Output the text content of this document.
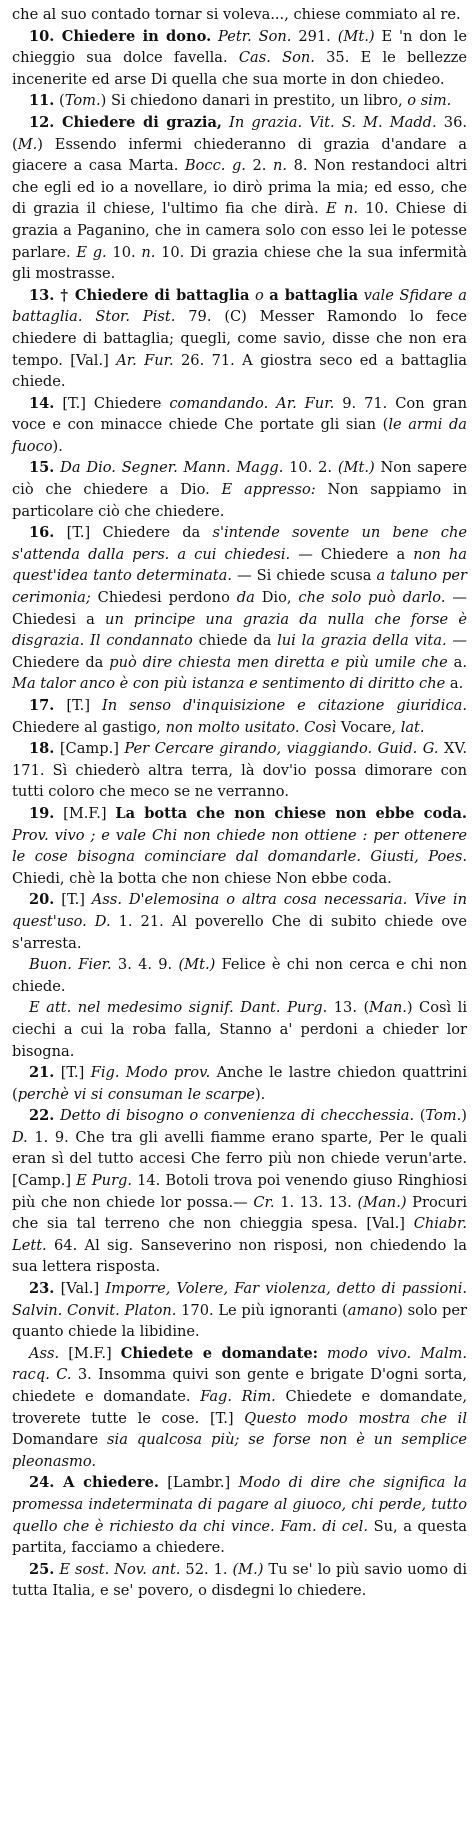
che al suo contado tornar si voleva..., chiese commiato al re.

10. Chiedere in dono. Petr. Son. 291. (Mt.) E 'n don le chieggio sua dolce favella. Cas. Son. 35. E le bellezze incenerite ed arse Di quella che sua morte in don chiedeo.

11. (Tom.) Si chiedono danari in prestito, un libro, o sim.

12. Chiedere di grazia, In grazia. Vit. S. M. Madd. 36. (M.) Essendo infermi chiederanno di grazia d'andare a giacere a casa Marta. Bocc. g. 2. n. 8. Non restandoci altri che egli ed io a novellare, io dirò prima la mia; ed esso, che di grazia il chiese, l'ultimo fia che dirà. E n. 10. Chiese di grazia a Paganino, che in camera solo con esso lei le potesse parlare. E g. 10. n. 10. Di grazia chiese che la sua infermità gli mostrasse.

13. † Chiedere di battaglia o a battaglia vale Sfidare a battaglia. Stor. Pist. 79. (C) Messer Ramondo lo fece chiedere di battaglia; quegli, come savio, disse che non era tempo. [Val.] Ar. Fur. 26. 71. A giostra seco ed a battaglia chiede.

14. [T.] Chiedere comandando. Ar. Fur. 9. 71. Con gran voce e con minacce chiede Che portate gli sian (le armi da fuoco).

15. Da Dio. Segner. Mann. Magg. 10. 2. (Mt.) Non sapere ciò che chiedere a Dio. E appresso: Non sappiamo in particolare ciò che chiedere.

16. [T.] Chiedere da s'intende sovente un bene che s'attenda dalla pers. a cui chiedesi. — Chiedere a non ha quest'idea tanto determinata. — Si chiede scusa a taluno per cerimonia; Chiedesi perdono da Dio, che solo può darlo. — Chiedesi a un principe una grazia da nulla che forse è disgrazia. Il condannato chiede da lui la grazia della vita. — Chiedere da può dire chiesta men diretta e più umile che a. Ma talor anco è con più istanza e sentimento di diritto che a.

17. [T.] In senso d'inquisizione e citazione giuridica. Chiedere al gastigo, non molto usitato. Così Vocare, lat.

18. [Camp.] Per Cercare girando, viaggiando. Guid. G. XV. 171. Sì chiederò altra terra, là dov'io possa dimorare con tutti coloro che meco se ne verranno.

19. [M.F.] La botta che non chiese non ebbe coda. Prov. vivo ; e vale Chi non chiede non ottiene : per ottenere le cose bisogna cominciare dal domandarle. Giusti, Poes. Chiedi, chè la botta che non chiese Non ebbe coda.

20. [T.] Ass. D'elemosina o altra cosa necessaria. Vive in quest'uso. D. 1. 21. Al poverello Che di subito chiede ove s'arresta.

Buon. Fier. 3. 4. 9. (Mt.) Felice è chi non cerca e chi non chiede.

E att. nel medesimo signif. Dant. Purg. 13. (Man.) Così li ciechi a cui la roba falla, Stanno a' perdoni a chieder lor bisogna.

21. [T.] Fig. Modo prov. Anche le lastre chiedon quattrini (perchè vi si consuman le scarpe).

22. Detto di bisogno o convenienza di checchessia. (Tom.) D. 1. 9. Che tra gli avelli fiamme erano sparte, Per le quali eran sì del tutto accesi Che ferro più non chiede verun'arte. [Camp.] E Purg. 14. Botoli trova poi venendo giuso Ringhiosi più che non chiede lor possa.— Cr. 1. 13. 13. (Man.) Procuri che sia tal terreno che non chieggia spesa. [Val.] Chiabr. Lett. 64. Al sig. Sanseverino non risposi, non chiedendo la sua lettera risposta.

23. [Val.] Imporre, Volere, Far violenza, detto di passioni. Salvin. Convit. Platon. 170. Le più ignoranti (amano) solo per quanto chiede la libidine.

Ass. [M.F.] Chiedete e domandate: modo vivo. Malm. racq. C. 3. Insomma quivi son gente e brigate D'ogni sorta, chiedete e domandate. Fag. Rim. Chiedete e domandate, troverete tutte le cose. [T.] Questo modo mostra che il Domandare sia qualcosa più; se forse non è un semplice pleonasmo.

24. A chiedere. [Lambr.] Modo di dire che significa la promessa indeterminata di pagare al giuoco, chi perde, tutto quello che è richiesto da chi vince. Fam. di cel. Su, a questa partita, facciamo a chiedere.

25. E sost. Nov. ant. 52. 1. (M.) Tu se' lo più savio uomo di tutta Italia, e se' povero, o disdegni lo chiedere.
